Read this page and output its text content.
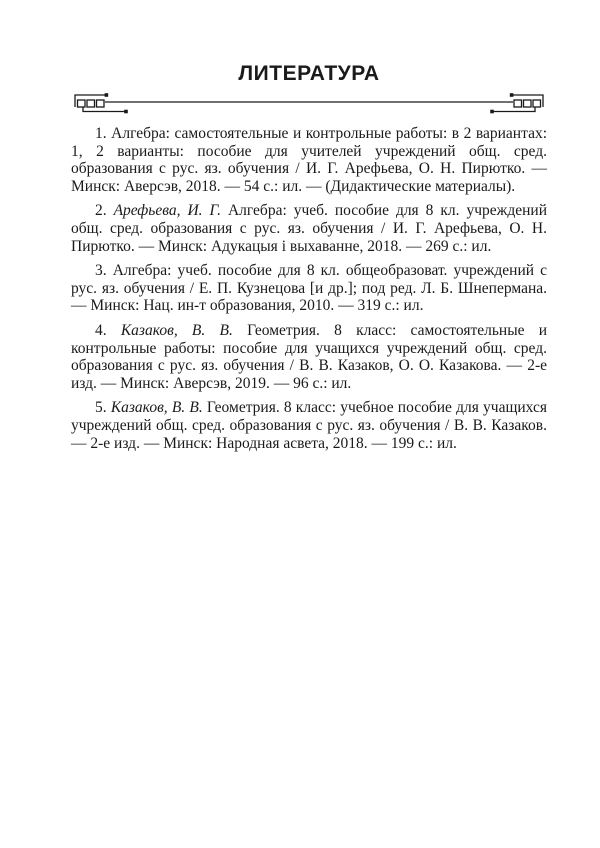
ЛИТЕРАТУРА

1. Алгебра: самостоятельные и контрольные работы: в 2 вариантах: 1, 2 варианты: пособие для учителей учреждений общ. сред. образования с рус. яз. обучения / И. Г. Арефьева, О. Н. Пирютко. — Минск: Аверсэв, 2018. — 54 с.: ил. — (Дидактические материалы).

2. Арефьева, И. Г. Алгебра: учеб. пособие для 8 кл. учреждений общ. сред. образования с рус. яз. обучения / И. Г. Арефьева, О. Н. Пирютко. — Минск: Адукацыя і выхаванне, 2018. — 269 с.: ил.

3. Алгебра: учеб. пособие для 8 кл. общеобразоват. учреждений с рус. яз. обучения / Е. П. Кузнецова [и др.]; под ред. Л. Б. Шнепермана. — Минск: Нац. ин-т образования, 2010. — 319 с.: ил.

4. Казаков, В. В. Геометрия. 8 класс: самостоятельные и контрольные работы: пособие для учащихся учреждений общ. сред. образования с рус. яз. обучения / В. В. Казаков, О. О. Казакова. — 2-е изд. — Минск: Аверсэв, 2019. — 96 с.: ил.

5. Казаков, В. В. Геометрия. 8 класс: учебное пособие для учащихся учреждений общ. сред. образования с рус. яз. обучения / В. В. Казаков. — 2-е изд. — Минск: Народная асвета, 2018. — 199 с.: ил.
